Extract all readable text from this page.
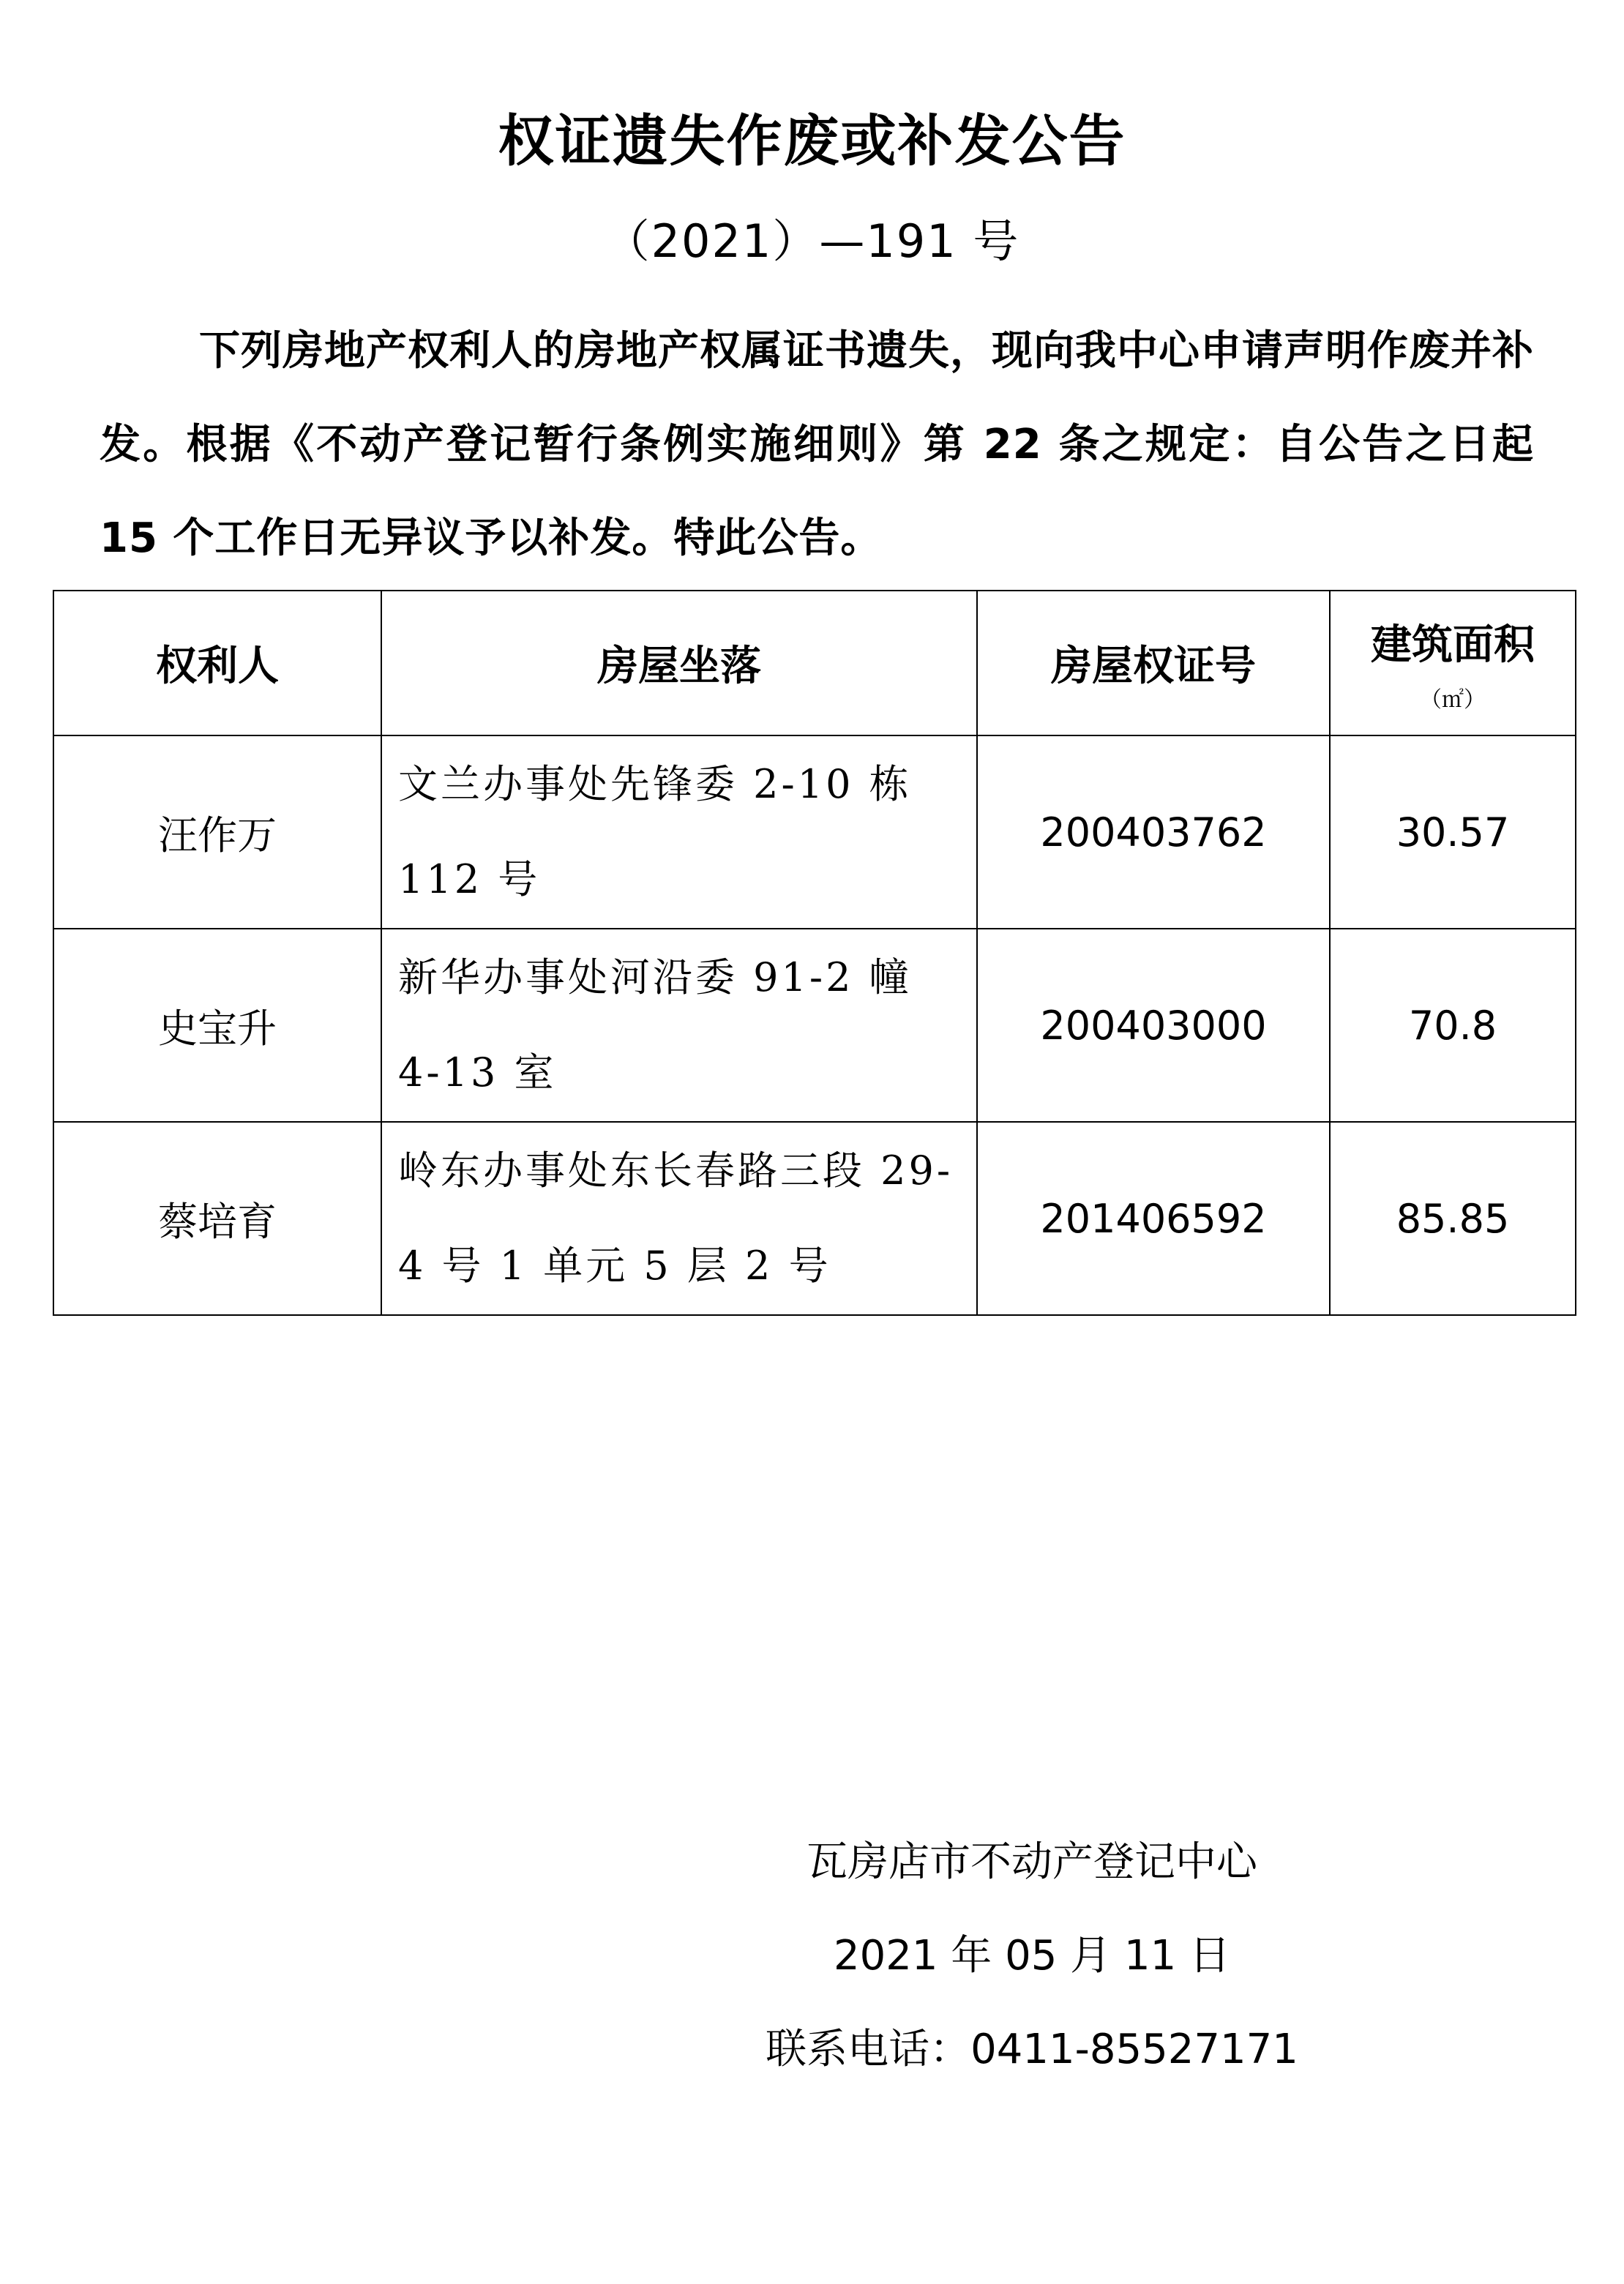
权证遗失作废或补发公告
（2021）—191 号
下列房地产权利人的房地产权属证书遗失，现向我中心申请声明作废并补发。根据《不动产登记暂行条例实施细则》第 22 条之规定：自公告之日起 15 个工作日无异议予以补发。特此公告。
权利人	房屋坐落	房屋权证号	建筑面积
（㎡）

汪作万	文兰办事处先锋委 2-10 栋 112 号	200403762	30.57
史宝升	新华办事处河沿委 91-2 幢 4-13 室	200403000	70.8
蔡培育	岭东办事处东长春路三段 29-4 号 1 单元 5 层 2 号	201406592	85.85
瓦房店市不动产登记中心
2021 年 05 月 11 日
联系电话：0411-85527171
